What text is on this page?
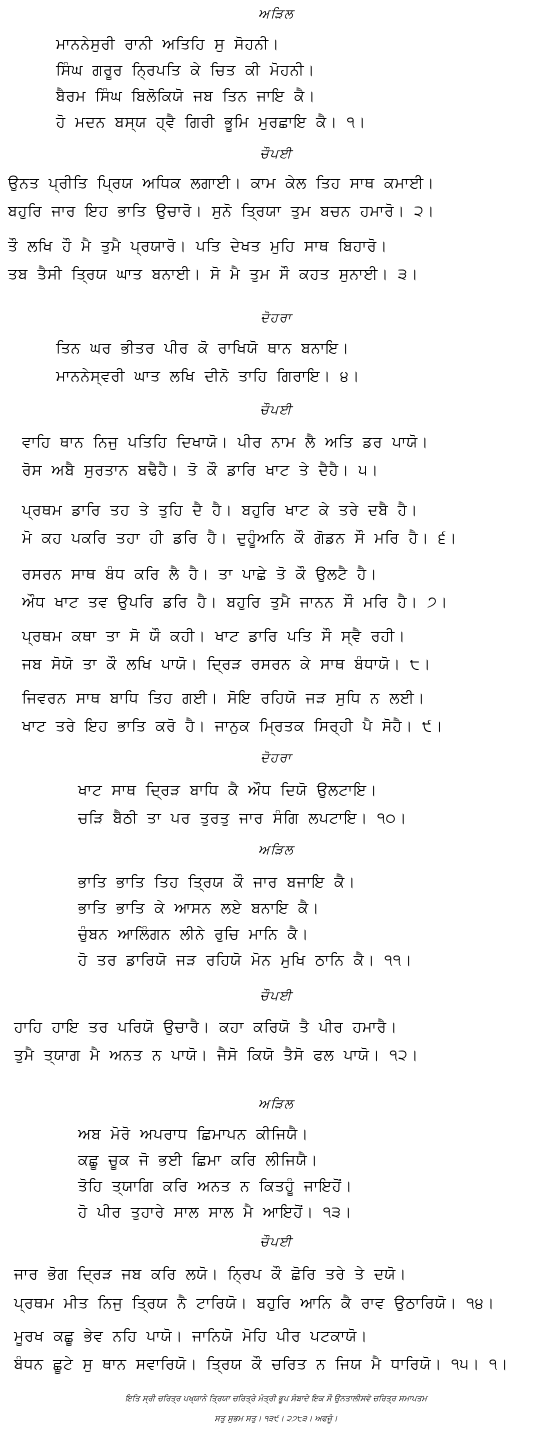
ਅੜਿਲ
ਮਾਨਨੇਸੁਰੀ ਰਾਨੀ ਅਤਿਹਿ ਸੁ ਸੋਹਨੀ।
ਸਿੰਘ ਗਰੂਰ ਨ੍ਰਿਪਤਿ ਕੇ ਚਿਤ ਕੀ ਮੋਹਨੀ।
ਬੈਰਮ ਸਿੰਘ ਬਿਲੋਕਿਯੋ ਜਬ ਤਿਨ ਜਾਇ ਕੈ।
ਹੋ ਮਦਨ ਬਸ੍ਯ ਹ੍ਵੈ ਗਿਰੀ ਭੂਮਿ ਮੁਰਛਾਇ ਕੈ। ੧।
ਚੌਪਈ
ਉਨਤ ਪ੍ਰੀਤਿ ਪ੍ਰਿਯ ਅਧਿਕ ਲਗਾਈ। ਕਾਮ ਕੇਲ ਤਿਹ ਸਾਥ ਕਮਾਈ।
ਬਹੁਰਿ ਜਾਰ ਇਹ ਭਾਤਿ ਉਚਾਰੋ। ਸੁਨੋ ਤ੍ਰਿਯਾ ਤੁਮ ਬਚਨ ਹਮਾਰੋ। ੨।
ਤੌ ਲਖਿ ਹੌ ਮੈ ਤੁਮੈ ਪ੍ਰਯਾਰੋ। ਪਤਿ ਦੇਖਤ ਮੁਹਿ ਸਾਥ ਬਿਹਾਰੋ।
ਤਬ ਤੈਸੀ ਤ੍ਰਿਯ ਘਾਤ ਬਨਾਈ। ਸੋ ਮੈ ਤੁਮ ਸੌ ਕਹਤ ਸੁਨਾਈ। ੩।
ਦੋਹਰਾ
ਤਿਨ ਘਰ ਭੀਤਰ ਪੀਰ ਕੋ ਰਾਖਿਯੋ ਥਾਨ ਬਨਾਇ।
ਮਾਨਨੇਸ੍ਵਰੀ ਘਾਤ ਲਖਿ ਦੀਨੋ ਤਾਹਿ ਗਿਰਾਇ। ੪।
ਚੌਪਈ
ਵਾਹਿ ਥਾਨ ਨਿਜੁ ਪਤਿਹਿ ਦਿਖਾਯੋ। ਪੀਰ ਨਾਮ ਲੈ ਅਤਿ ਡਰ ਪਾਯੋ।
ਰੋਸ ਅਬੈ ਸੁਰਤਾਨ ਬਢੈਹੈ। ਤੋ ਕੌ ਡਾਰਿ ਖਾਟ ਤੇ ਦੈਹੈ। ੫।
ਪ੍ਰਥਮ ਡਾਰਿ ਤਹ ਤੇ ਤੁਹਿ ਦੈ ਹੈ। ਬਹੁਰਿ ਖਾਟ ਕੇ ਤਰੇ ਦਬੈ ਹੈ।
ਮੋ ਕਹ ਪਕਰਿ ਤਹਾ ਹੀ ਡਰਿ ਹੈ। ਦੁਹੂੰਅਨਿ ਕੌ ਗੋਡਨ ਸੌ ਮਰਿ ਹੈ। ੬।
ਰਸਰਨ ਸਾਥ ਬੰਧ ਕਰਿ ਲੈ ਹੈ। ਤਾ ਪਾਛੇ ਤੋ ਕੌ ਉਲਟੈ ਹੈ।
ਔਧ ਖਾਟ ਤਵ ਉਪਰਿ ਡਰਿ ਹੈ। ਬਹੁਰਿ ਤੁਮੈ ਜਾਨਨ ਸੌ ਮਰਿ ਹੈ। ੭।
ਪ੍ਰਥਮ ਕਥਾ ਤਾ ਸੋ ਯੌ ਕਹੀ। ਖਾਟ ਡਾਰਿ ਪਤਿ ਸੌ ਸ੍ਵੈ ਰਹੀ।
ਜਬ ਸੋਯੋ ਤਾ ਕੌ ਲਖਿ ਪਾਯੋ। ਦ੍ਰਿੜ ਰਸਰਨ ਕੇ ਸਾਥ ਬੰਧਾਯੋ। ੮।
ਜਿਵਰਨ ਸਾਥ ਬਾਧਿ ਤਿਹ ਗਈ। ਸੋਇ ਰਹਿਯੋ ਜੜ ਸੁਧਿ ਨ ਲਈ।
ਖਾਟ ਤਰੇ ਇਹ ਭਾਤਿ ਕਰੋ ਹੈ। ਜਾਨੁਕ ਮ੍ਰਿਤਕ ਸਿਰ੍ਹੀ ਪੈ ਸੋਹੈ। ੯।
ਦੋਹਰਾ
ਖਾਟ ਸਾਥ ਦ੍ਰਿੜ ਬਾਧਿ ਕੈ ਔਧ ਦਿਯੋ ਉਲਟਾਇ।
ਚੜਿ ਬੈਠੀ ਤਾ ਪਰ ਤੁਰਤੁ ਜਾਰ ਸੰਗਿ ਲਪਟਾਇ। ੧੦।
ਅੜਿਲ
ਭਾਤਿ ਭਾਤਿ ਤਿਹ ਤ੍ਰਿਯ ਕੌ ਜਾਰ ਬਜਾਇ ਕੈ।
ਭਾਤਿ ਭਾਤਿ ਕੇ ਆਸਨ ਲਏ ਬਨਾਇ ਕੈ।
ਚੁੰਬਨ ਆਲਿੰਗਨ ਲੀਨੇ ਰੁਚਿ ਮਾਨਿ ਕੈ।
ਹੋ ਤਰ ਡਾਰਿਯੋ ਜੜ ਰਹਿਯੋ ਮੋਨ ਮੁਖਿ ਠਾਨਿ ਕੈ। ੧੧।
ਚੌਪਈ
ਹਾਹਿ ਹਾਇ ਤਰ ਪਰਿਯੋ ਉਚਾਰੈ। ਕਹਾ ਕਰਿਯੋ ਤੈ ਪੀਰ ਹਮਾਰੈ।
ਤੁਮੈ ਤ੍ਯਾਗ ਮੈ ਅਨਤ ਨ ਪਾਯੋ। ਜੈਸੋ ਕਿਯੋ ਤੈਸੋ ਫਲ ਪਾਯੋ। ੧੨।
ਅੜਿਲ
ਅਬ ਮੋਰੋ ਅਪਰਾਧ ਛਿਮਾਪਨ ਕੀਜਿਯੈ।
ਕਛੂ ਚੂਕ ਜੋ ਭਈ ਛਿਮਾ ਕਰਿ ਲੀਜਿਯੈ।
ਤੋਹਿ ਤ੍ਯਾਗਿ ਕਰਿ ਅਨਤ ਨ ਕਿਤਹੂੰ ਜਾਇਹੋਂ।
ਹੋ ਪੀਰ ਤੁਹਾਰੇ ਸਾਲ ਸਾਲ ਮੈ ਆਇਹੋਂ। ੧੩।
ਚੌਪਈ
ਜਾਰ ਭੋਗ ਦ੍ਰਿੜ ਜਬ ਕਰਿ ਲਯੋ। ਨ੍ਰਿਪ ਕੌ ਛੋਰਿ ਤਰੇ ਤੇ ਦਯੋ।
ਪ੍ਰਥਮ ਮੀਤ ਨਿਜੁ ਤ੍ਰਿਯ ਨੈ ਟਾਰਿਯੋ। ਬਹੁਰਿ ਆਨਿ ਕੈ ਰਾਵ ਉਠਾਰਿਯੋ। ੧੪।
ਮੂਰਖ ਕਛੂ ਭੇਵ ਨਹਿ ਪਾਯੋ। ਜਾਨਿਯੋ ਮੋਹਿ ਪੀਰ ਪਟਕਾਯੋ।
ਬੰਧਨ ਛੂਟੇ ਸੁ ਥਾਨ ਸਵਾਰਿਯੋ। ਤ੍ਰਿਯ ਕੌ ਚਰਿਤ ਨ ਜਿਯ ਮੈ ਧਾਰਿਯੋ। ੧੫। ੧।
ਇਤਿ ਸ੍ਰੀ ਚਰਿਤ੍ਰ ਪਖ੍ਯਾਨੇ ਤ੍ਰਿਯਾ ਚਰਿਤ੍ਰੇ ਮੰਤ੍ਰੀ ਭੂਪ ਸੰਬਾਦੇ ਇਕ ਸੌ ਉਨਤਾਲੀਸਵੋ ਚਰਿਤ੍ਰ ਸਮਾਪਤਮ
ਸਤੁ ਸੁਭਮ ਸਤੁ। ੧੩੯। ੨੭੮੩। ਅਫਜੂੰ।
